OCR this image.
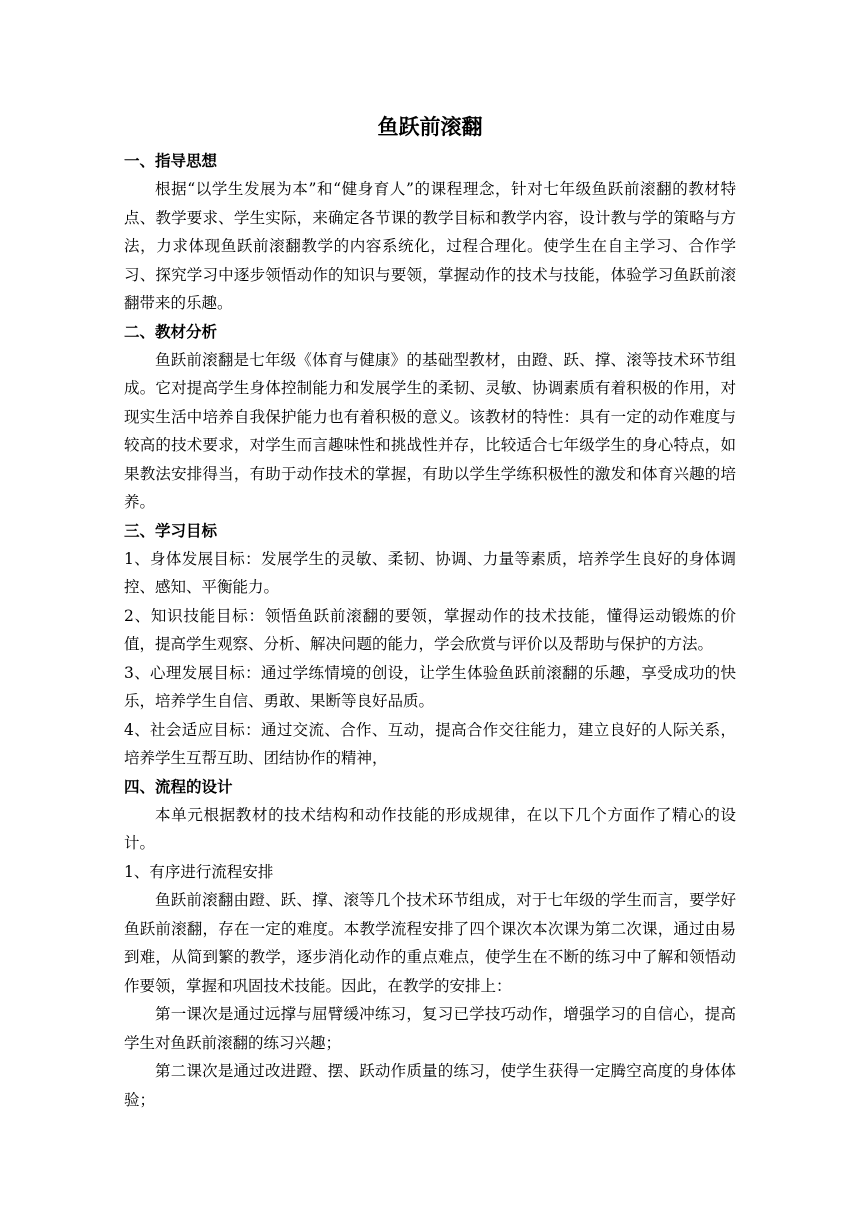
鱼跃前滚翻
一、指导思想

根据“以学生发展为本”和“健身育人”的课程理念，针对七年级鱼跃前滚翻的教材特点、教学要求、学生实际，来确定各节课的教学目标和教学内容，设计教与学的策略与方法，力求体现鱼跃前滚翻教学的内容系统化，过程合理化。使学生在自主学习、合作学习、探究学习中逐步领悟动作的知识与要领，掌握动作的技术与技能，体验学习鱼跃前滚翻带来的乐趣。

二、教材分析

鱼跃前滚翻是七年级《体育与健康》的基础型教材，由蹬、跃、撑、滚等技术环节组成。它对提高学生身体控制能力和发展学生的柔韧、灵敏、协调素质有着积极的作用，对现实生活中培养自我保护能力也有着积极的意义。该教材的特性：具有一定的动作难度与较高的技术要求，对学生而言趣味性和挑战性并存，比较适合七年级学生的身心特点，如果教法安排得当，有助于动作技术的掌握，有助以学生学练积极性的激发和体育兴趣的培养。

三、学习目标

1、身体发展目标：发展学生的灵敏、柔韧、协调、力量等素质，培养学生良好的身体调控、感知、平衡能力。

2、知识技能目标：领悟鱼跃前滚翻的要领，掌握动作的技术技能，懂得运动锻炼的价值，提高学生观察、分析、解决问题的能力，学会欣赏与评价以及帮助与保护的方法。

3、心理发展目标：通过学练情境的创设，让学生体验鱼跃前滚翻的乐趣，享受成功的快乐，培养学生自信、勇敢、果断等良好品质。

4、社会适应目标：通过交流、合作、互动，提高合作交往能力，建立良好的人际关系，培养学生互帮互助、团结协作的精神，

四、流程的设计

本单元根据教材的技术结构和动作技能的形成规律，在以下几个方面作了精心的设计。

1、有序进行流程安排

鱼跃前滚翻由蹬、跃、撑、滚等几个技术环节组成，对于七年级的学生而言，要学好鱼跃前滚翻，存在一定的难度。本教学流程安排了四个课次本次课为第二次课，通过由易到难，从简到繁的教学，逐步消化动作的重点难点，使学生在不断的练习中了解和领悟动作要领，掌握和巩固技术技能。因此，在教学的安排上：

第一课次是通过远撑与屈臂缓冲练习，复习已学技巧动作，增强学习的自信心，提高学生对鱼跃前滚翻的练习兴趣；

第二课次是通过改进蹬、摆、跃动作质量的练习，使学生获得一定腾空高度的身体体验；
